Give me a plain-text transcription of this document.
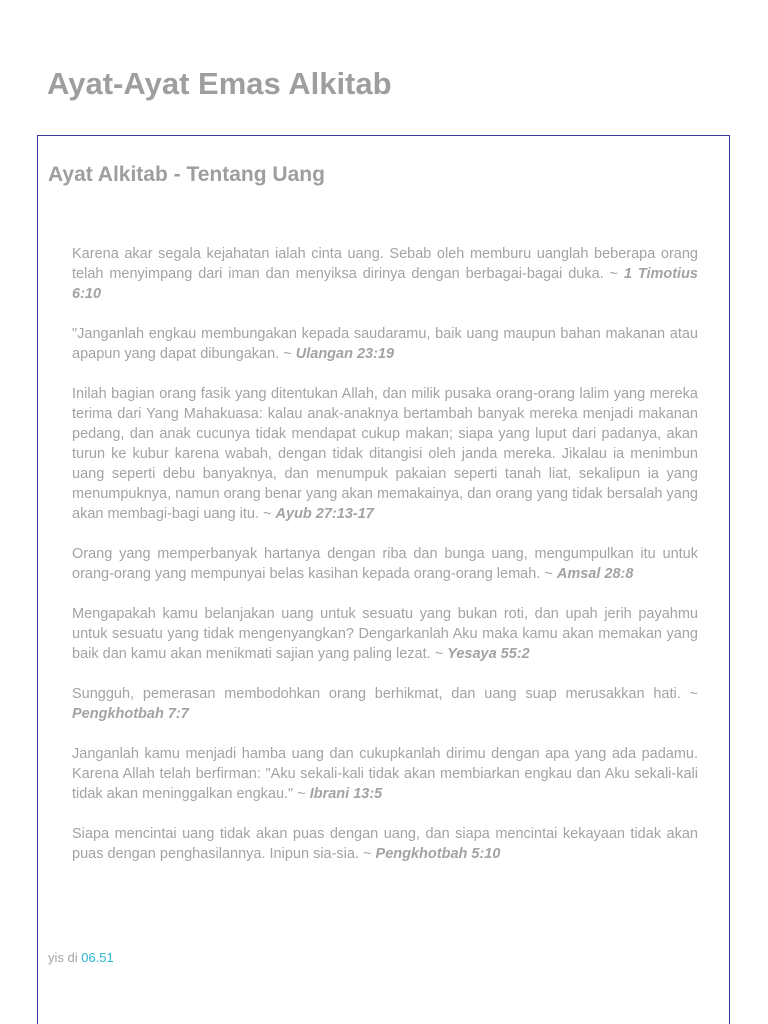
Ayat-Ayat Emas Alkitab
Ayat Alkitab - Tentang Uang

Karena akar segala kejahatan ialah cinta uang. Sebab oleh memburu uanglah beberapa orang telah menyimpang dari iman dan menyiksa dirinya dengan berbagai-bagai duka. ~ 1 Timotius 6:10

"Janganlah engkau membungakan kepada saudaramu, baik uang maupun bahan makanan atau apapun yang dapat dibungakan. ~ Ulangan 23:19

Inilah bagian orang fasik yang ditentukan Allah, dan milik pusaka orang-orang lalim yang mereka terima dari Yang Mahakuasa: kalau anak-anaknya bertambah banyak mereka menjadi makanan pedang, dan anak cucunya tidak mendapat cukup makan; siapa yang luput dari padanya, akan turun ke kubur karena wabah, dengan tidak ditangisi oleh janda mereka. Jikalau ia menimbun uang seperti debu banyaknya, dan menumpuk pakaian seperti tanah liat, sekalipun ia yang menumpuknya, namun orang benar yang akan memakainya, dan orang yang tidak bersalah yang akan membagi-bagi uang itu. ~ Ayub 27:13-17

Orang yang memperbanyak hartanya dengan riba dan bunga uang, mengumpulkan itu untuk orang-orang yang mempunyai belas kasihan kepada orang-orang lemah. ~ Amsal 28:8

Mengapakah kamu belanjakan uang untuk sesuatu yang bukan roti, dan upah jerih payahmu untuk sesuatu yang tidak mengenyangkan? Dengarkanlah Aku maka kamu akan memakan yang baik dan kamu akan menikmati sajian yang paling lezat. ~ Yesaya 55:2

Sungguh, pemerasan membodohkan orang berhikmat, dan uang suap merusakkan hati. ~ Pengkhotbah 7:7

Janganlah kamu menjadi hamba uang dan cukupkanlah dirimu dengan apa yang ada padamu. Karena Allah telah berfirman: "Aku sekali-kali tidak akan membiarkan engkau dan Aku sekali-kali tidak akan meninggalkan engkau." ~ Ibrani 13:5

Siapa mencintai uang tidak akan puas dengan uang, dan siapa mencintai kekayaan tidak akan puas dengan penghasilannya. Inipun sia-sia. ~ Pengkhotbah 5:10

yis di 06.51
